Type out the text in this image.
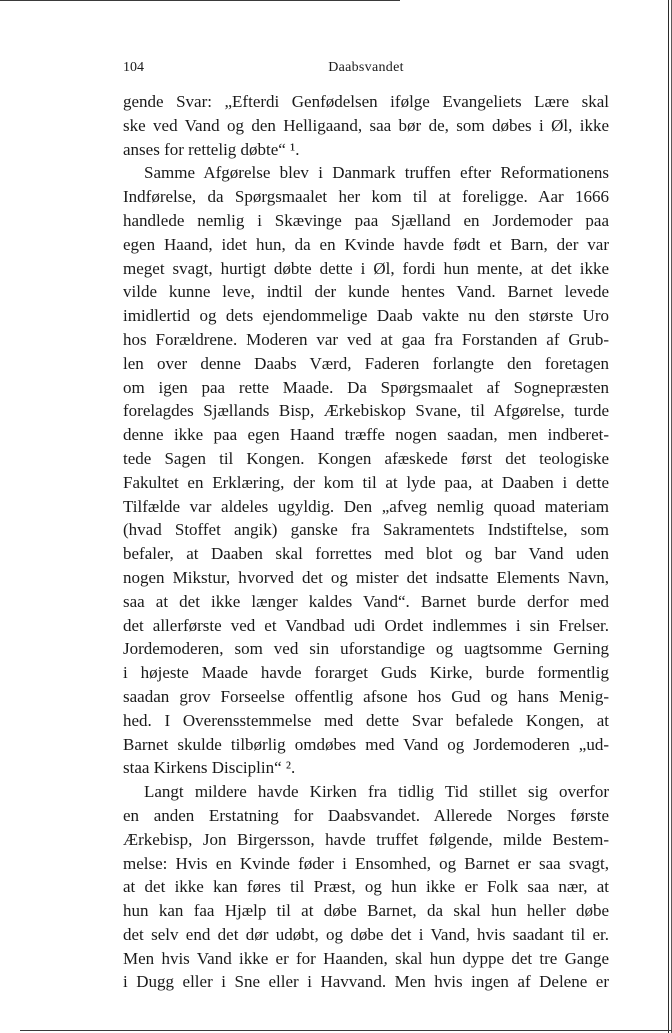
104	Daabsvandet
gende Svar: „Efterdi Genfødelsen ifølge Evangeliets Lære skal
ske ved Vand og den Helligaand, saa bør de, som døbes i Øl, ikke
anses for rettelig døbte“ ¹.
Samme Afgørelse blev i Danmark truffen efter Reformationens
Indførelse, da Spørgsmaalet her kom til at foreligge. Aar 1666
handlede nemlig i Skævinge paa Sjælland en Jordemoder paa
egen Haand, idet hun, da en Kvinde havde født et Barn, der var
meget svagt, hurtigt døbte dette i Øl, fordi hun mente, at det ikke
vilde kunne leve, indtil der kunde hentes Vand. Barnet levede
imidlertid og dets ejendommelige Daab vakte nu den største Uro
hos Forældrene. Moderen var ved at gaa fra Forstanden af Grub-
len over denne Daabs Værd, Faderen forlangte den foretagen
om igen paa rette Maade. Da Spørgsmaalet af Sognepræsten
forelagdes Sjællands Bisp, Ærkebiskop Svane, til Afgørelse, turde
denne ikke paa egen Haand træffe nogen saadan, men indberet-
tede Sagen til Kongen. Kongen afæskede først det teologiske
Fakultet en Erklæring, der kom til at lyde paa, at Daaben i dette
Tilfælde var aldeles ugyldig. Den „afveg nemlig quoad materiam
(hvad Stoffet angik) ganske fra Sakramentets Indstiftelse, som
befaler, at Daaben skal forrettes med blot og bar Vand uden
nogen Mikstur, hvorved det og mister det indsatte Elements Navn,
saa at det ikke længer kaldes Vand“. Barnet burde derfor med
det allerførste ved et Vandbad udi Ordet indlemmes i sin Frelser.
Jordemoderen, som ved sin uforstandige og uagtsomme Gerning
i højeste Maade havde forarget Guds Kirke, burde formentlig
saadan grov Forseelse offentlig afsone hos Gud og hans Menig-
hed. I Overensstemmelse med dette Svar befalede Kongen, at
Barnet skulde tilbørlig omdøbes med Vand og Jordemoderen „ud-
staa Kirkens Disciplin“ ².
Langt mildere havde Kirken fra tidlig Tid stillet sig overfor
en anden Erstatning for Daabsvandet. Allerede Norges første
Ærkebisp, Jon Birgersson, havde truffet følgende, milde Bestem-
melse: Hvis en Kvinde føder i Ensomhed, og Barnet er saa svagt,
at det ikke kan føres til Præst, og hun ikke er Folk saa nær, at
hun kan faa Hjælp til at døbe Barnet, da skal hun heller døbe
det selv end det dør udøbt, og døbe det i Vand, hvis saadant til er.
Men hvis Vand ikke er for Haanden, skal hun dyppe det tre Gange
i Dugg eller i Sne eller i Havvand. Men hvis ingen af Delene er
